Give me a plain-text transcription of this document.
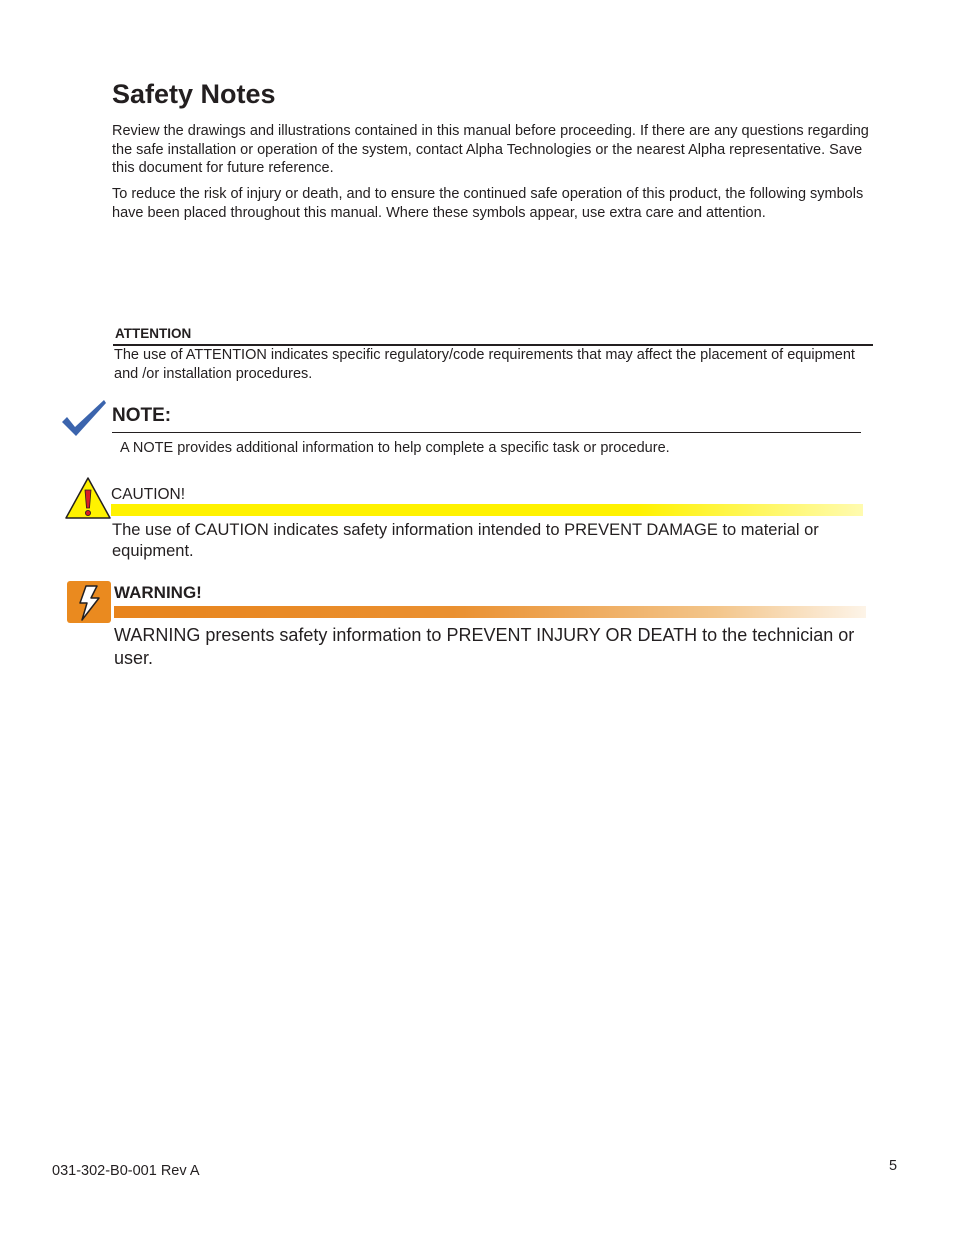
Safety Notes

Review the drawings and illustrations contained in this manual before proceeding. If there are any questions regarding the safe installation or operation of the system, contact Alpha Technologies or the nearest Alpha representative. Save this document for future reference.

To reduce the risk of injury or death, and to ensure the continued safe operation of this product, the following symbols have been placed throughout this manual. Where these symbols appear, use extra care and attention.

ATTENTION
The use of ATTENTION indicates specific regulatory/code requirements that may affect the placement of equipment and /or installation procedures.
NOTE:
A NOTE provides additional information to help complete a specific task or procedure.
CAUTION!
The use of CAUTION indicates safety information intended to PREVENT DAMAGE to material or equipment.
WARNING!
WARNING presents safety information to PREVENT INJURY OR DEATH to the technician or user.
031-302-B0-001 Rev A	5
